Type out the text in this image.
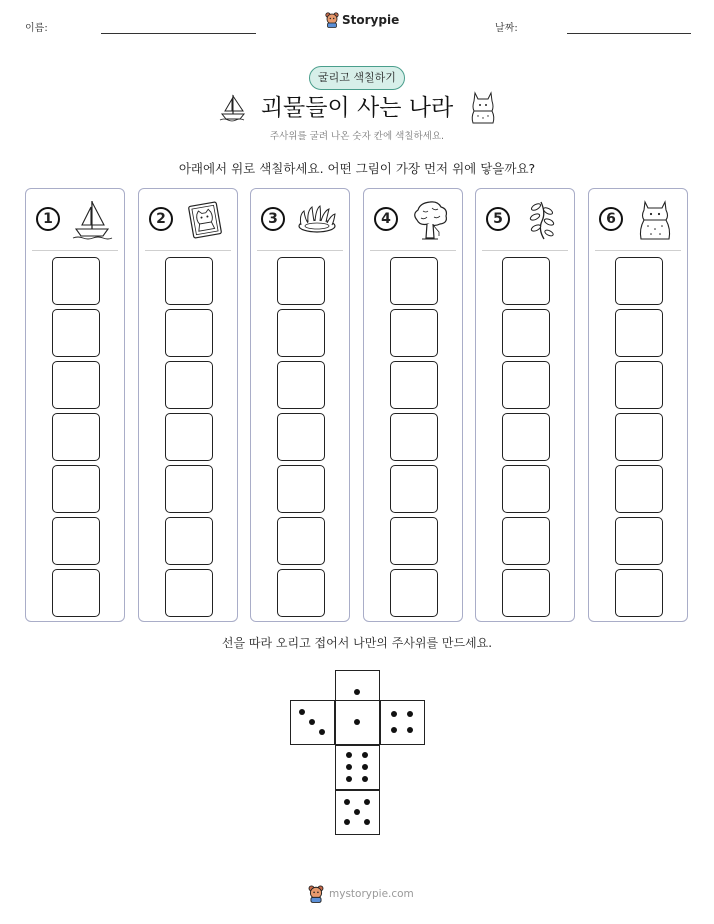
이름:
Storypie
날짜:
굴리고 색칠하기
괴물들이 사는 나라
주사위를 굴려 나온 숫자 칸에 색칠하세요.
아래에서 위로 색칠하세요. 어떤 그림이 가장 먼저 위에 닿을까요?
1	2	3	4	5	6
선을 따라 오리고 접어서 나만의 주사위를 만드세요.
mystorypie.com
